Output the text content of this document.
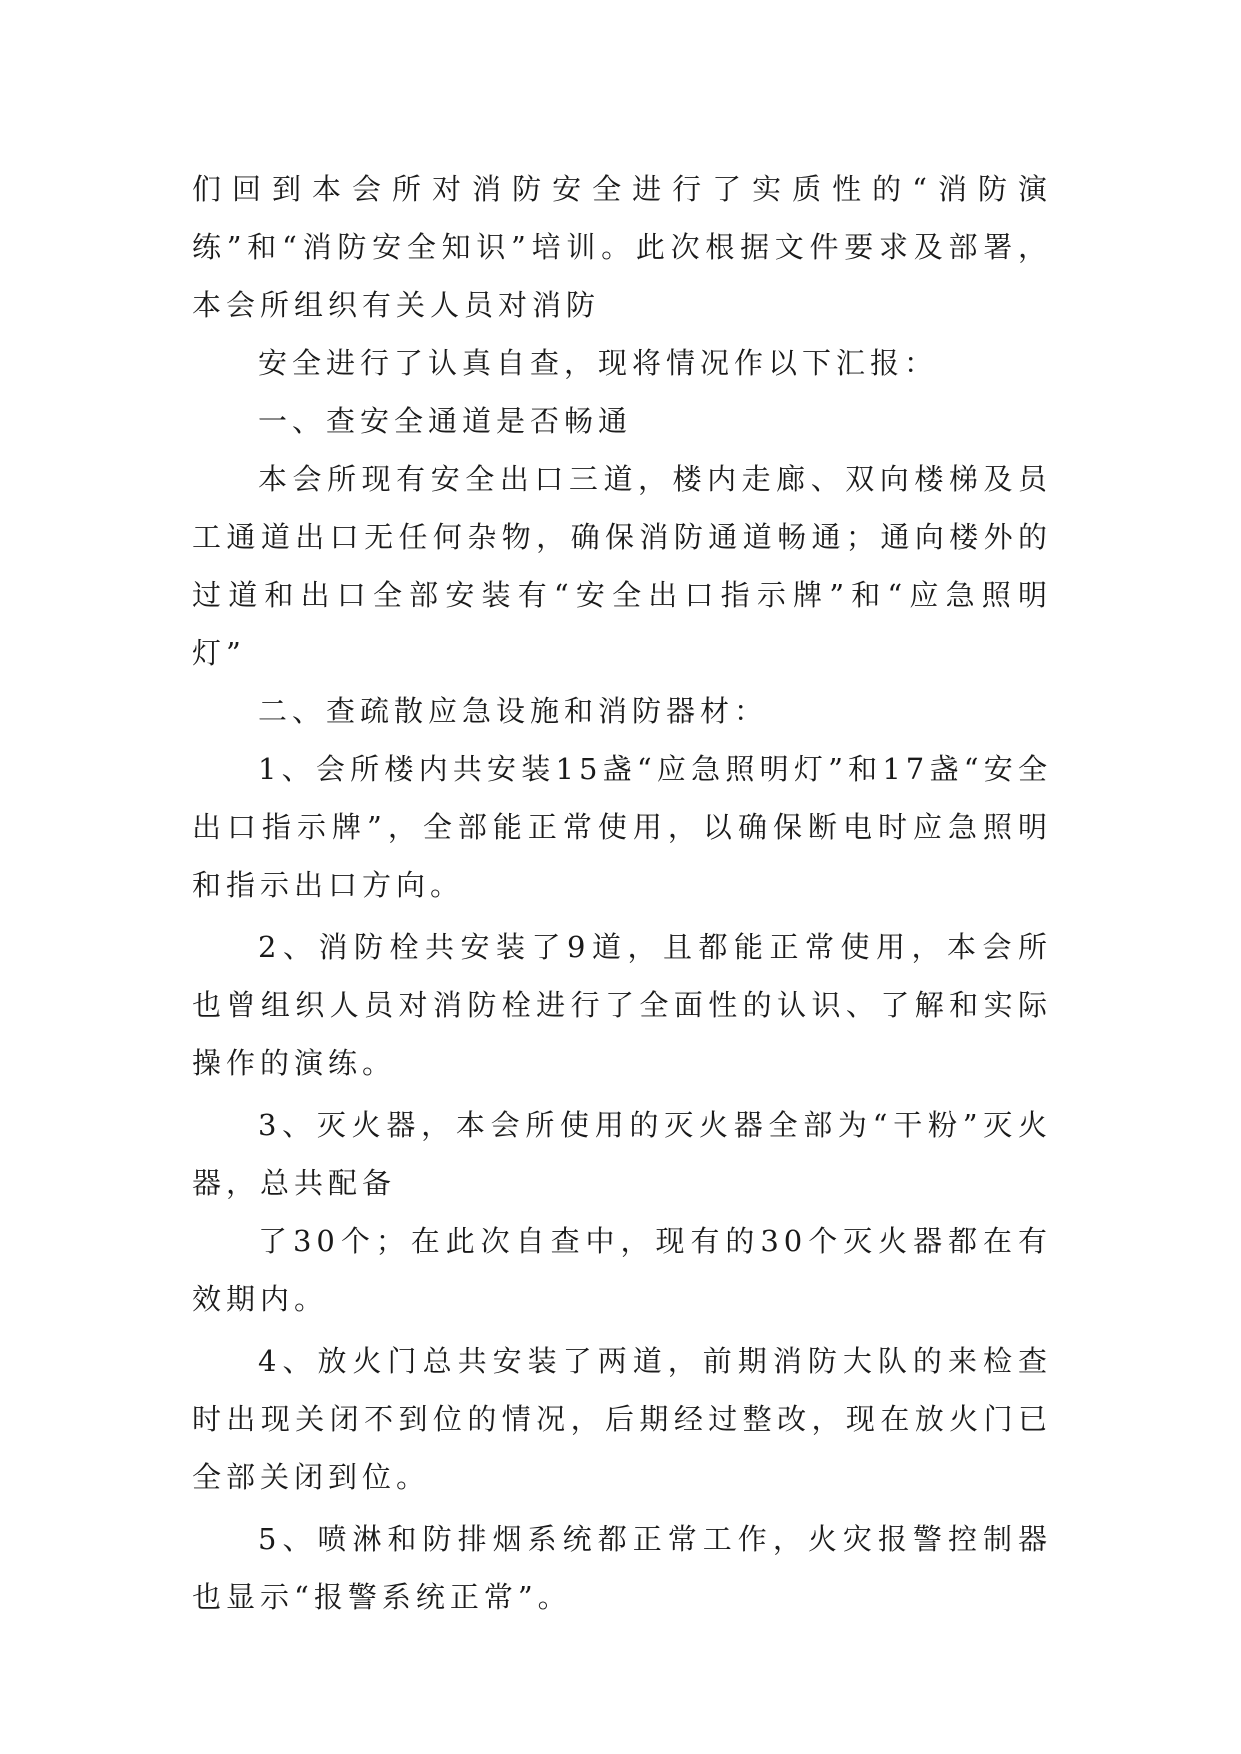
们回到本会所对消防安全进行了实质性的“消防演练”和“消防安全知识”培训。此次根据文件要求及部署，本会所组织有关人员对消防

安全进行了认真自查，现将情况作以下汇报：

一、查安全通道是否畅通

本会所现有安全出口三道，楼内走廊、双向楼梯及员工通道出口无任何杂物，确保消防通道畅通；通向楼外的过道和出口全部安装有“安全出口指示牌”和“应急照明灯”

二、查疏散应急设施和消防器材：

1、会所楼内共安装15盏“应急照明灯”和17盏“安全出口指示牌”，全部能正常使用，以确保断电时应急照明和指示出口方向。

2、消防栓共安装了9道，且都能正常使用，本会所也曾组织人员对消防栓进行了全面性的认识、了解和实际操作的演练。

3、灭火器，本会所使用的灭火器全部为“干粉”灭火器，总共配备

了30个；在此次自查中，现有的30个灭火器都在有效期内。

4、放火门总共安装了两道，前期消防大队的来检查时出现关闭不到位的情况，后期经过整改，现在放火门已全部关闭到位。

5、喷淋和防排烟系统都正常工作，火灾报警控制器也显示“报警系统正常”。
